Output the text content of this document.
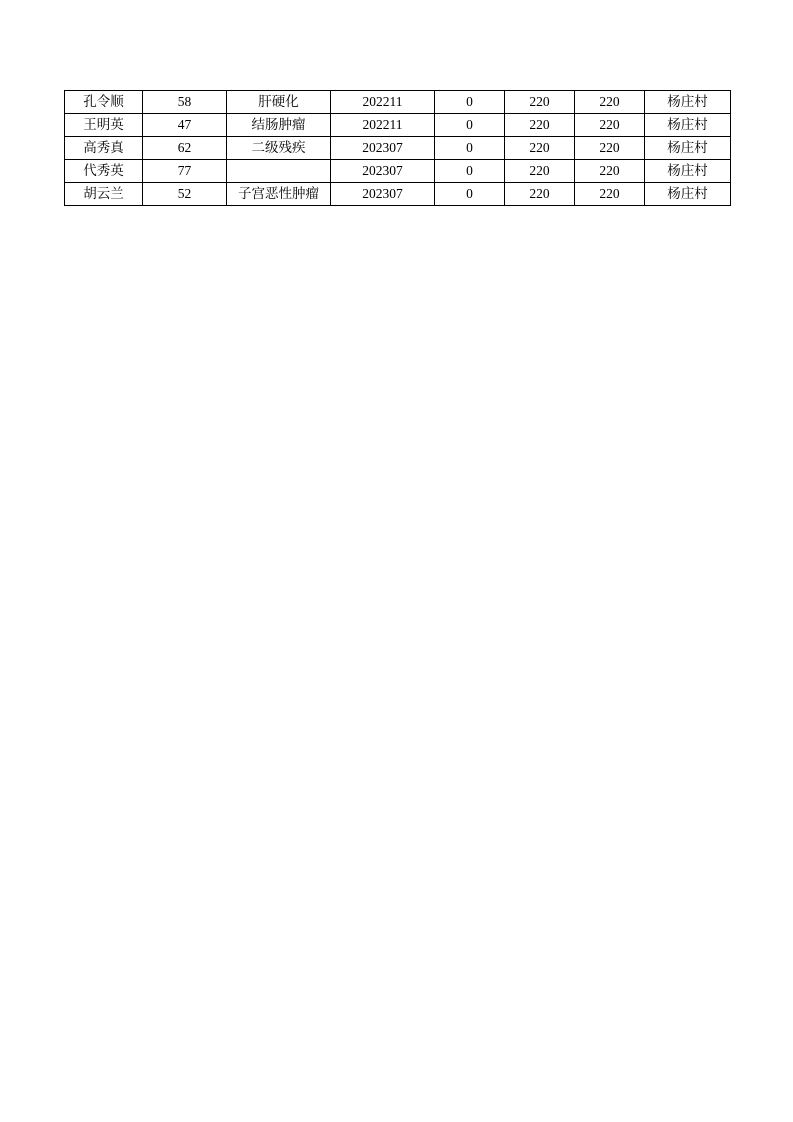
孔令顺	58	肝硬化	202211	0	220	220	杨庄村
王明英	47	结肠肿瘤	202211	0	220	220	杨庄村
高秀真	62	二级残疾	202307	0	220	220	杨庄村
代秀英	77		202307	0	220	220	杨庄村
胡云兰	52	子宫恶性肿瘤	202307	0	220	220	杨庄村
